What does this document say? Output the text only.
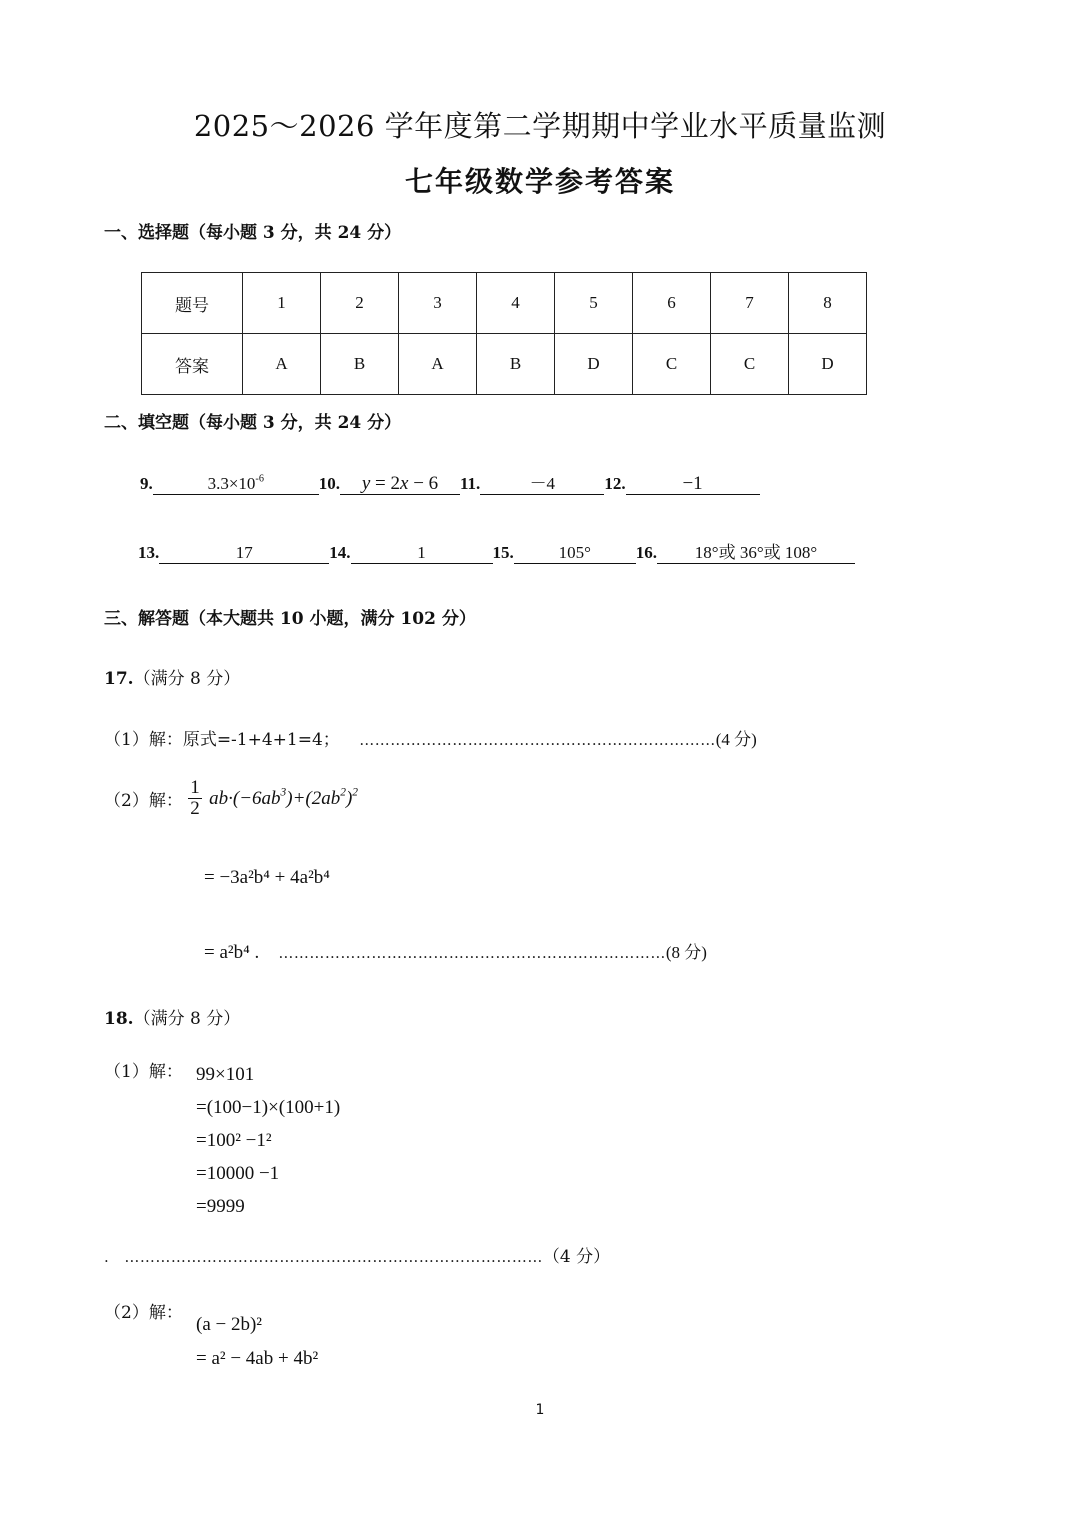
2025～2026 学年度第二学期期中学业水平质量监测
七年级数学参考答案
一、选择题（每小题 3 分，共 24 分）
题号	1	2	3	4	5	6	7	8
答案	A	B	A	B	D	C	C	D
二、填空题（每小题 3 分，共 24 分）
9.	$3.3\times 10^{-6}$	10. y = 2x − 6 11.	－4	12.	−1
13.	17	14.	1	15.	105°	16. 18°或 36°或 108°
三、解答题（本大题共 10 小题，满分 102 分）
17.（满分 8 分）
（1）解：原式=-1+4+1=4； ……………………………………………………………(4 分)
（2）解： $\frac{1}{2} ab\cdot(-6ab^3)+(2ab^2)^2$
= −3a²b⁴ + 4a²b⁴
= a²b⁴ . …………………………………………………………………(8 分)
18.（满分 8 分）
（1）解： 99×101
=(100−1)×(100+1)
=100² −1²
=10000 −1
=9999
. ………………………………………………………………………（4 分）
（2）解：
(a − 2b)²
= a² − 4ab + 4b²
1
